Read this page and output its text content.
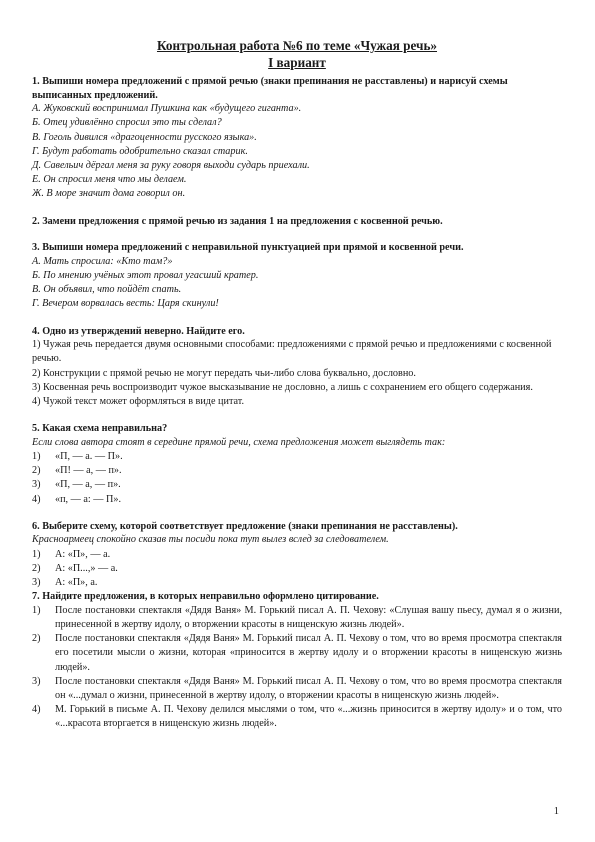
Контрольная работа №6 по теме «Чужая речь»

I вариант

1. Выпиши номера предложений с прямой речью (знаки препинания не расставлены) и нарисуй схемы выписанных предложений.

А. Жуковский воспринимал Пушкина как «будущего гиганта».

Б. Отец удивлённо спросил это ты сделал?

В. Гоголь дивился «драгоценности русского языка».

Г. Будут работать одобрительно сказал старик.

Д. Савельич дёргал меня за руку говоря выходи сударь приехали.

Е. Он спросил меня что мы делаем.

Ж. В море значит дома говорил он.

2. Замени предложения с прямой речью из задания 1 на предложения с косвенной речью.

3. Выпиши номера предложений с неправильной пунктуацией при прямой и косвенной речи.

А. Мать спросила: «Кто там?»

Б. По мнению учёных этот провал угасший кратер.

В. Он объявил, что пойдёт спать.

Г. Вечером ворвалась весть: Царя скинули!

4. Одно из утверждений неверно. Найдите его.

1) Чужая речь передается двумя основными способами: предложениями с прямой речью и предложениями с косвенной речью.

2) Конструкции с прямой речью не могут передать чьи-либо слова буквально, дословно.

3) Косвенная речь воспроизводит чужое высказывание не дословно, а лишь с сохранением его общего содержания.

4) Чужой текст может оформляться в виде цитат.

5. Какая схема неправильна?

Если слова автора стоят в середине прямой речи, схема предложения может выглядеть так:

1)	«П, — а. — П».
2)	«П! — а, — п».
3)	«П, — а, — п».
4)	«п, — а: — П».

6. Выберите схему, которой соответствует предложение (знаки препинания не расставлены).

Красноармеец спокойно сказав ты посиди пока тут вылез вслед за следователем.

1)	А: «П», — а.
2)	А: «П...,» — а.
3)	А: «П», а.

7. Найдите предложения, в которых неправильно оформлено цитирование.

1)	После постановки спектакля «Дядя Ваня» М. Горький писал А. П. Чехову: «Слушая вашу пьесу, думал я о жизни, принесенной в жертву идолу, о вторжении красоты в нищенскую жизнь людей».
2)	После постановки спектакля «Дядя Ваня» М. Горький писал А. П. Чехову о том, что во время просмотра спектакля его посетили мысли о жизни, которая «приносится в жертву идолу и о вторжении красоты в нищенскую жизнь людей».
3)	После постановки спектакля «Дядя Ваня» М. Горький писал А. П. Чехову о том, что во время просмотра спектакля он «...думал о жизни, принесенной в жертву идолу, о вторжении красоты в нищенскую жизнь людей».
4)	М. Горький в письме А. П. Чехову делился мыслями о том, что «...жизнь приносится в жертву идолу» и о том, что «...красота вторгается в нищенскую жизнь людей».
1
